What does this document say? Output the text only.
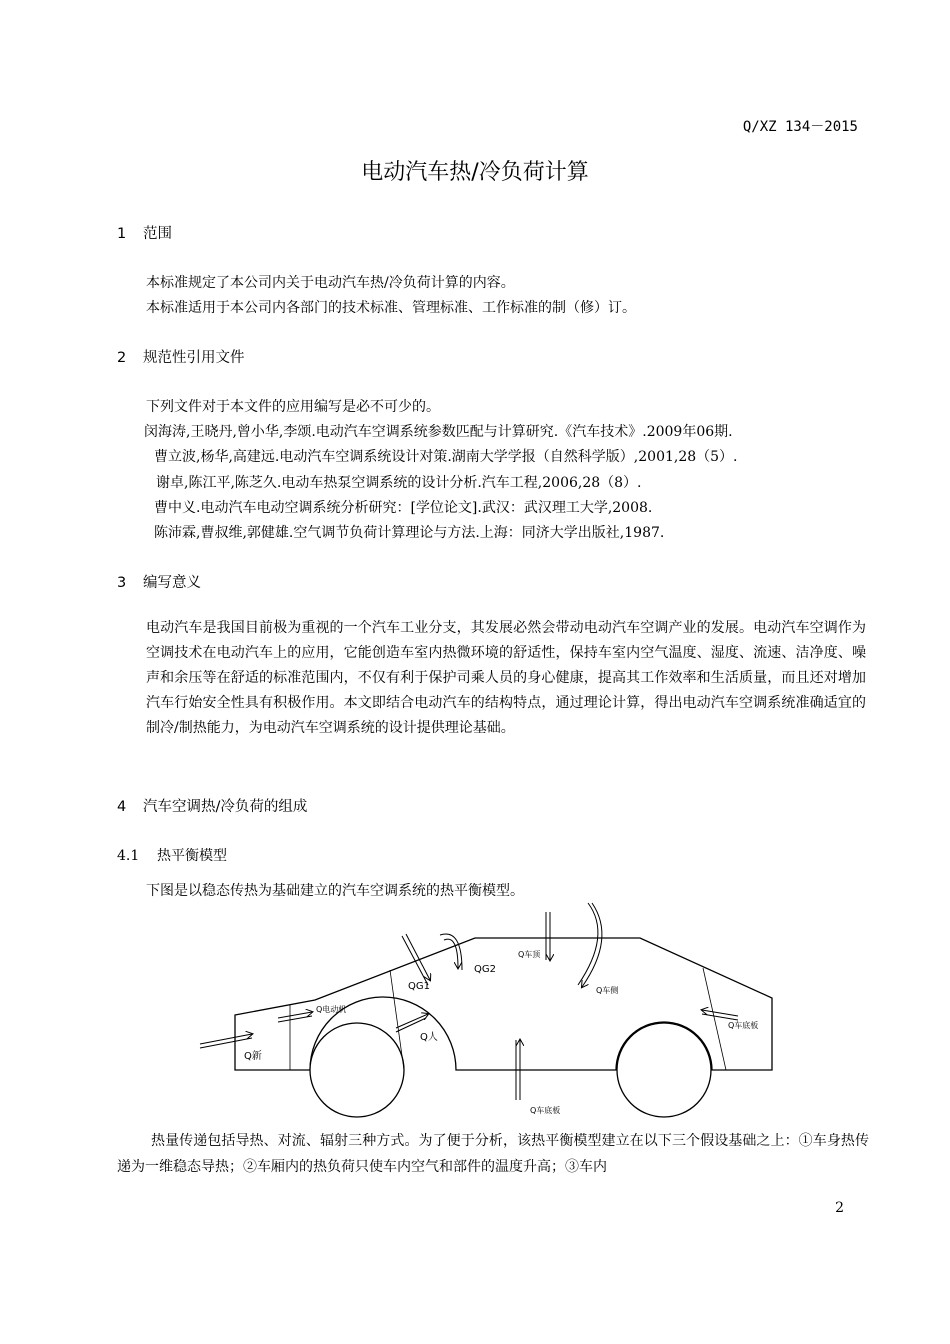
Q/XZ 134－2015
电动汽车热/冷负荷计算
1 范围
本标准规定了本公司内关于电动汽车热/冷负荷计算的内容。
本标准适用于本公司内各部门的技术标准、管理标准、工作标准的制（修）订。
2 规范性引用文件
下列文件对于本文件的应用编写是必不可少的。
闵海涛,王晓丹,曾小华,李颂.电动汽车空调系统参数匹配与计算研究.《汽车技术》.2009年06期.
曹立波,杨华,高建远.电动汽车空调系统设计对策.湖南大学学报（自然科学版）,2001,28（5）.
谢卓,陈江平,陈芝久.电动车热泵空调系统的设计分析.汽车工程,2006,28（8）.
曹中义.电动汽车电动空调系统分析研究：[学位论文].武汉：武汉理工大学,2008.
陈沛霖,曹叔维,郭健雄.空气调节负荷计算理论与方法.上海：同济大学出版社,1987.
3 编写意义
电动汽车是我国目前极为重视的一个汽车工业分支，其发展必然会带动电动汽车空调产业的发展。电动汽车空调作为空调技术在电动汽车上的应用，它能创造车室内热微环境的舒适性，保持车室内空气温度、湿度、流速、洁净度、噪声和余压等在舒适的标准范围内，不仅有利于保护司乘人员的身心健康，提高其工作效率和生活质量，而且还对增加汽车行始安全性具有积极作用。本文即结合电动汽车的结构特点，通过理论计算，得出电动汽车空调系统准确适宜的制冷/制热能力，为电动汽车空调系统的设计提供理论基础。
4 汽车空调热/冷负荷的组成
4.1 热平衡模型
下图是以稳态传热为基础建立的汽车空调系统的热平衡模型。
Q新
Q电动机
QG1
QG2
Q人
Q车顶
Q车侧
Q车底板
Q车底板
热量传递包括导热、对流、辐射三种方式。为了便于分析，该热平衡模型建立在以下三个假设基础之上：①车身热传递为一维稳态导热；②车厢内的热负荷只使车内空气和部件的温度升高；③车内
2
